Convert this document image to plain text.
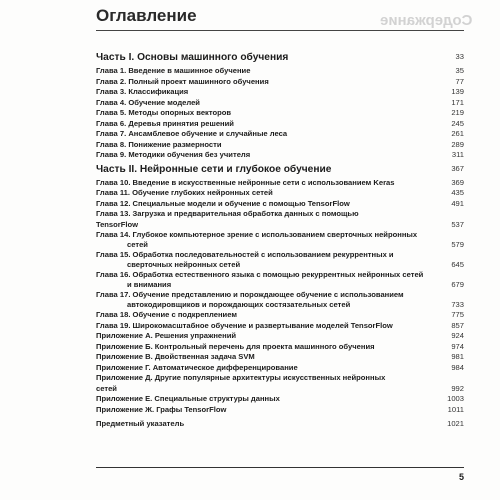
Содержание
Оглавление
Часть I. Основы машинного обучения	33
Глава 1. Введение в машинное обучение	35
Глава 2. Полный проект машинного обучения	77
Глава 3. Классификация	139
Глава 4. Обучение моделей	171
Глава 5. Методы опорных векторов	219
Глава 6. Деревья принятия решений	245
Глава 7. Ансамблевое обучение и случайные леса	261
Глава 8. Понижение размерности	289
Глава 9. Методики обучения без учителя	311
Часть II. Нейронные сети и глубокое обучение	367
Глава 10. Введение в искусственные нейронные сети с использованием Keras	369
Глава 11. Обучение глубоких нейронных сетей	435
Глава 12. Специальные модели и обучение с помощью TensorFlow	491
Глава 13. Загрузка и предварительная обработка данных с помощью TensorFlow	537
Глава 14. Глубокое компьютерное зрение с использованием сверточных нейронных сетей	579
Глава 15. Обработка последовательностей с использованием рекуррентных и сверточных нейронных сетей	645
Глава 16. Обработка естественного языка с помощью рекуррентных нейронных сетей и внимания	679
Глава 17. Обучение представлению и порождающее обучение с использованием автокодировщиков и порождающих состязательных сетей	733
Глава 18. Обучение с подкреплением	775
Глава 19. Широкомасштабное обучение и развертывание моделей TensorFlow	857
Приложение А. Решения упражнений	924
Приложение Б. Контрольный перечень для проекта машинного обучения	974
Приложение В. Двойственная задача SVM	981
Приложение Г. Автоматическое дифференцирование	984
Приложение Д. Другие популярные архитектуры искусственных нейронных сетей	992
Приложение Е. Специальные структуры данных	1003
Приложение Ж. Графы TensorFlow	1011
Предметный указатель	1021
5
